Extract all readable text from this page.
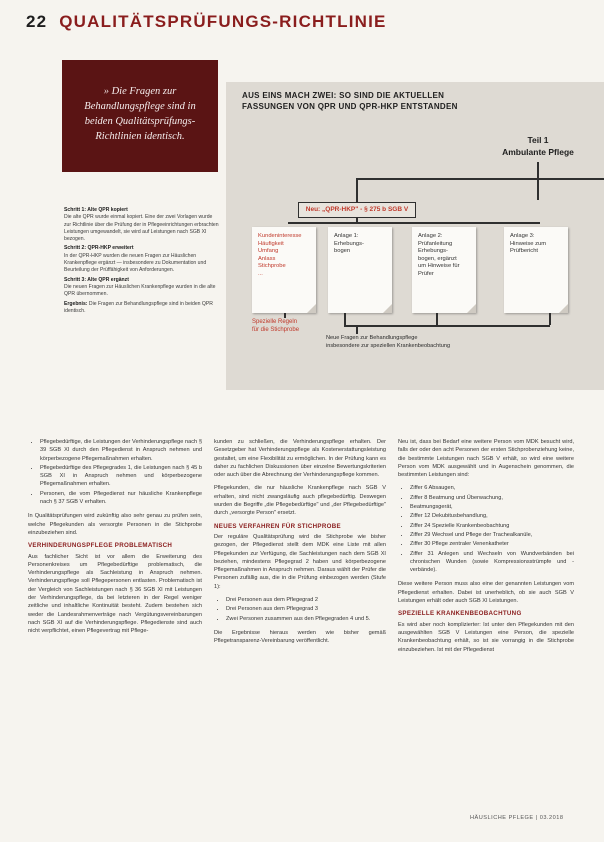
22 QUALITÄTSPRÜFUNGS-RICHTLINIE
» Die Fragen zur Behandlungspflege sind in beiden Qualitätsprüfungs-Richtlinien identisch.

Schritt 1: Alte QPR kopiert
Die alte QPR wurde einmal kopiert. Eine der zwei Vorlagen wurde zur Richtlinie über die Prüfung der in Pflegeeinrichtungen erbrachten Leistungen umgewandelt, sie wird auf Leistungen nach SGB XI bezogen.

Schritt 2: QPR-HKP erweitert
In der QPR-HKP wurden die neuen Fragen zur Häuslichen Krankenpflege ergänzt — insbesondere zu Dokumentation und Beurteilung der Prüffähigkeit von Anforderungen.

Schritt 3: Alte QPR ergänzt
Die neuen Fragen zur Häuslichen Krankenpflege wurden in die alte QPR übernommen.

Ergebnis: Die Fragen zur Behandlungspflege sind in beiden QPR identisch.

AUS EINS MACH ZWEI: SO SIND DIE AKTUELLEN
FASSUNGEN VON QPR UND QPR-HKP ENTSTANDEN
Teil 1
Ambulante Pflege
Neu: „QPR-HKP" - § 275 b SGB V
Kundeninteresse
Häufigkeit
Umfang
Anlass
Stichprobe
...
Anlage 1:
Erhebungs-
bogen
Anlage 2:
Prüfanleitung
Erhebungs-
bogen, ergänzt
um Hinweise für
Prüfer
Anlage 3:
Hinweise zum
Prüfbericht
Spezielle Regeln
für die Stichprobe
Neue Fragen zur Behandlungspflege
insbesondere zur speziellen Krankenbeobachtung
• Pflegebedürftige, die Leistungen der Verhinderungspflege nach § 39 SGB XI durch den Pflegedienst in Anspruch nehmen und körperbezogene Pflegemaßnahmen erhalten.
• Pflegebedürftige des Pflegegrades 1, die Leistungen nach § 45 b SGB XI in Anspruch nehmen und körperbezogene Pflegemaßnahmen erhalten.
• Personen, die vom Pflegedienst nur häusliche Krankenpflege nach § 37 SGB V erhalten.

In Qualitätsprüfungen wird zukünftig also sehr genau zu prüfen sein, welche Pflegekunden als versorgte Personen in die Stichprobe einzubeziehen sind.

VERHINDERUNGSPFLEGE PROBLEMATISCH

Aus fachlicher Sicht ist vor allem die Erweiterung des Personenkreises um Pflegebedürftige problematisch, die Verhinderungspflege als Sachleistung in Anspruch nehmen. Verhinderungspflege soll Pflegepersonen entlasten. Problematisch ist der Vergleich von Sachleistungen nach § 36 SGB XI mit Leistungen der Verhinderungspflege, da bei letzteren in der Regel weniger zeitliche und inhaltliche Kontinuität besteht. Zudem bestehen sich weder die Landesrahmenverträge nach Vergütungsvereinbarungen nach SGB XI auf die Verhinderungspflege. Pflegedienste sind auch nicht verpflichtet, einen Pflegevertrag mit Pflege-

kunden zu schließen, die Verhinderungspflege erhalten. Der Gesetzgeber hat Verhinderungspflege als Kostenerstattungsleistung gestaltet, um eine Flexibilität zu ermöglichen. In der Prüfung kann es daher zu fachlichen Diskussionen über einzelne Bewertungskriterien oder auch über die Abrechnung der Verhinderungspflege kommen.

Pflegekunden, die nur häusliche Krankenpflege nach SGB V erhalten, sind nicht zwangsläufig auch pflegebedürftig. Deswegen wurden die Begriffe „die Pflegebedürftige" und „der Pflegebedürftige" durch „versorgte Person" ersetzt.

NEUES VERFAHREN FÜR STICHPROBE

Der reguläre Qualitätsprüfung wird die Stichprobe wie bisher gezogen, der Pflegedienst stellt dem MDK eine Liste mit allen Pflegekunden zur Verfügung, die Sachleistungen nach dem SGB XI beziehen, mindestens Pflegegrad 2 haben und körperbezogene Pflegemaßnahmen in Anspruch nehmen. Daraus wählt der Prüfer die Personen zufällig aus, die in die Prüfung einbezogen werden (Stufe 1):

• Drei Personen aus dem Pflegegrad 2
• Drei Personen aus dem Pflegegrad 3
• Zwei Personen zusammen aus den Pflegegraden 4 und 5.

Die Ergebnisse hieraus werden wie bisher gemäß Pflegetransparenz-Vereinbarung veröffentlicht.

Neu ist, dass bei Bedarf eine weitere Person vom MDK besucht wird, falls der oder den acht Personen der ersten Stichprobenziehung keine, die bestimmte Leistungen nach SGB V erhält, so wird eine weitere Person vom MDK ausgewählt und in Augenschein genommen, die bestimmten Leistungen sind:

• Ziffer 6 Absaugen,
• Ziffer 8 Beatmung und Überwachung,
• Beatmungsgerät,
• Ziffer 12 Dekubitusbehandlung,
• Ziffer 24 Spezielle Krankenbeobachtung
• Ziffer 29 Wechsel und Pflege der Trachealkanüle,
• Ziffer 30 Pflege zentraler Venenkatheter
• Ziffer 31 Anlegen und Wechseln von Wundverbänden bei chronischen Wunden (sowie Kompressionsstrümpfe und -verbände).

Diese weitere Person muss also eine der genannten Leistungen vom Pflegedienst erhalten. Dabei ist unerheblich, ob sie auch SGB V Leistungen erhält oder auch SGB XI Leistungen.

SPEZIELLE KRANKENBEOBACHTUNG

Es wird aber noch komplizierter: Ist unter den Pflegekunden mit den ausgewählten SGB V Leistungen eine Person, die spezielle Krankenbeobachtung erhält, so ist sie vorrangig in die Stichprobe einzubeziehen. Ist mit der Pflegedienst

HÄUSLICHE PFLEGE | 03.2018
